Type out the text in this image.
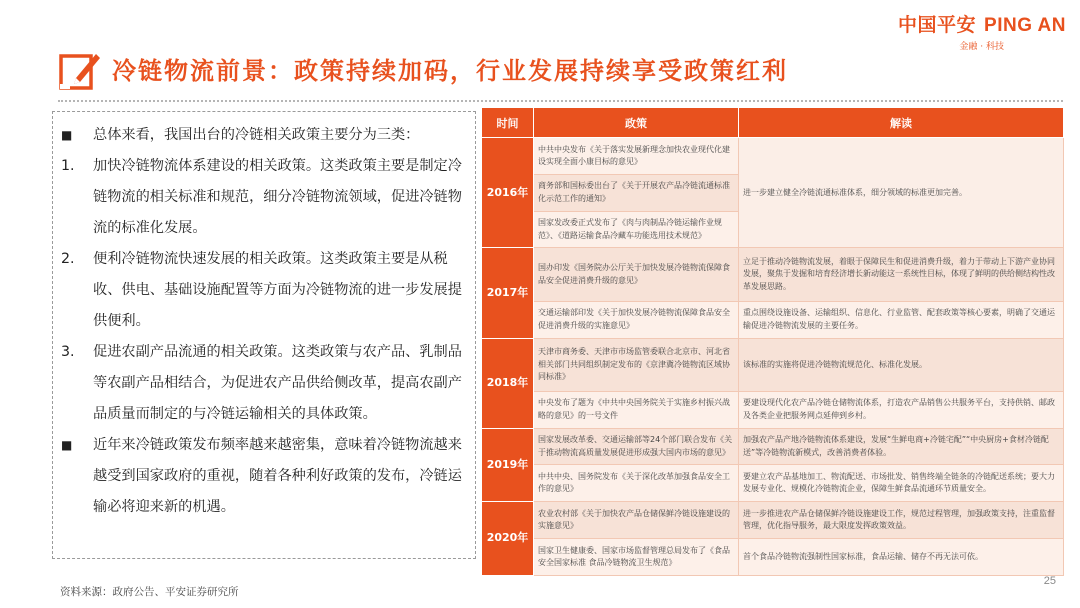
中国平安 PING AN
金融 · 科技
冷链物流前景：政策持续加码，行业发展持续享受政策红利
■	总体来看，我国出台的冷链相关政策主要分为三类：
1.	加快冷链物流体系建设的相关政策。这类政策主要是制定冷链物流的相关标准和规范，细分冷链物流领域，促进冷链物流的标准化发展。
2.	便利冷链物流快速发展的相关政策。这类政策主要是从税收、供电、基础设施配置等方面为冷链物流的进一步发展提供便利。
3.	促进农副产品流通的相关政策。这类政策与农产品、乳制品等农副产品相结合，为促进农产品供给侧改革，提高农副产品质量而制定的与冷链运输相关的具体政策。
■	近年来冷链政策发布频率越来越密集，意味着冷链物流越来越受到国家政府的重视，随着各种利好政策的发布，冷链运输必将迎来新的机遇。
时间	政策	解读
2016年	中共中央发布《关于落实发展新理念加快农业现代化建设实现全面小康目标的意见》	进一步建立健全冷链流通标准体系，细分领域的标准更加完善。
	商务部和国标委出台了《关于开展农产品冷链流通标准化示范工作的通知》	
	国家发改委正式发布了《肉与肉制品冷链运输作业规范》、《道路运输食品冷藏车功能选用技术规范》	
2017年	国办印发《国务院办公厅关于加快发展冷链物流保障食品安全促进消费升级的意见》	立足于推动冷链物流发展，着眼于保障民生和促进消费升级，着力于带动上下游产业协同发展，聚焦于发掘和培育经济增长新动能这一系统性目标，体现了鲜明的供给侧结构性改革发展思路。
	交通运输部印发《关于加快发展冷链物流保障食品安全促进消费升级的实施意见》	重点围绕设施设备、运输组织、信息化、行业监管、配套政策等核心要素，明确了交通运输促进冷链物流发展的主要任务。
2018年	天津市商务委、天津市市场监管委联合北京市、河北省相关部门共同组织制定发布的《京津冀冷链物流区域协同标准》	该标准的实施将促进冷链物流规范化、标准化发展。
	中央发布了题为《中共中央国务院关于实施乡村振兴战略的意见》的一号文件	要建设现代化农产品冷链仓储物流体系，打造农产品销售公共服务平台，支持供销、邮政及各类企业把服务网点延伸到乡村。
2019年	国家发展改革委、交通运输部等24个部门联合发布《关于推动物流高质量发展促进形成强大国内市场的意见》	加强农产品产地冷链物流体系建设，发展“生鲜电商+冷链宅配”“中央厨房+食材冷链配送”等冷链物流新模式，改善消费者体验。
	中共中央、国务院发布《关于深化改革加强食品安全工作的意见》	要建立农产品基地加工、物流配送、市场批发、销售终端全链条的冷链配送系统；要大力发展专业化、规模化冷链物流企业，保障生鲜食品流通环节质量安全。
2020年	农业农村部《关于加快农产品仓储保鲜冷链设施建设的实施意见》	进一步推进农产品仓储保鲜冷链设施建设工作，规范过程管理，加强政策支持，注重监督管理，优化指导服务，最大限度发挥政策效益。
	国家卫生健康委、国家市场监督管理总局发布了《食品安全国家标准 食品冷链物流卫生规范》	首个食品冷链物流强制性国家标准，食品运输、储存不再无法可依。
资料来源：政府公告、平安证券研究所
25
